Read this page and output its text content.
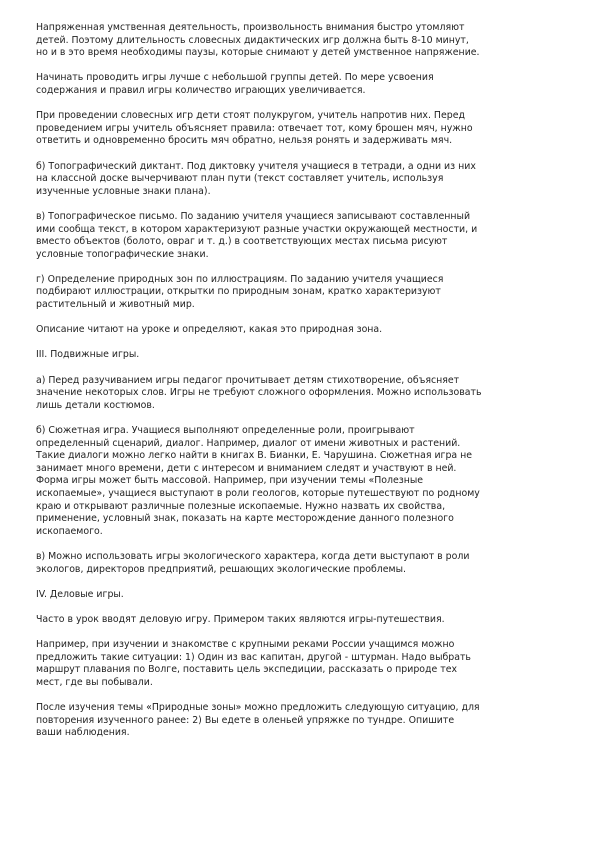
Напряженная умственная деятельность, произвольность внимания быстро утомляют
детей. Поэтому длительность словесных дидактических игр должна быть 8-10 минут,
но и в это время необходимы паузы, которые снимают у детей умственное напряжение.

Начинать проводить игры лучше с небольшой группы детей. По мере усвоения
содержания и правил игры количество играющих увеличивается.

При проведении словесных игр дети стоят полукругом, учитель напротив них. Перед
проведением игры учитель объясняет правила: отвечает тот, кому брошен мяч, нужно
ответить и одновременно бросить мяч обратно, нельзя ронять и задерживать мяч.

б) Топографический диктант. Под диктовку учителя учащиеся в тетради, а одни из них
на классной доске вычерчивают план пути (текст составляет учитель, используя
изученные условные знаки плана).

в) Топографическое письмо. По заданию учителя учащиеся записывают составленный
ими сообща текст, в котором характеризуют разные участки окружающей местности, и
вместо объектов (болото, овраг и т. д.) в соответствующих местах письма рисуют
условные топографические знаки.

г) Определение природных зон по иллюстрациям. По заданию учителя учащиеся
подбирают иллюстрации, открытки по природным зонам, кратко характеризуют
растительный и животный мир.

Описание читают на уроке и определяют, какая это природная зона.

III. Подвижные игры.

а) Перед разучиванием игры педагог прочитывает детям стихотворение, объясняет
значение некоторых слов. Игры не требуют сложного оформления. Можно использовать
лишь детали костюмов.

б) Сюжетная игра. Учащиеся выполняют определенные роли, проигрывают
определенный сценарий, диалог. Например, диалог от имени животных и растений.
Такие диалоги можно легко найти в книгах В. Бианки, Е. Чарушина. Сюжетная игра не
занимает много времени, дети с интересом и вниманием следят и участвуют в ней.
Форма игры может быть массовой. Например, при изучении темы «Полезные
ископаемые», учащиеся выступают в роли геологов, которые путешествуют по родному
краю и открывают различные полезные ископаемые. Нужно назвать их свойства,
применение, условный знак, показать на карте месторождение данного полезного
ископаемого.

в) Можно использовать игры экологического характера, когда дети выступают в роли
экологов, директоров предприятий, решающих экологические проблемы.

IV. Деловые игры.

Часто в урок вводят деловую игру. Примером таких являются игры-путешествия.

Например, при изучении и знакомстве с крупными реками России учащимся можно
предложить такие ситуации: 1) Один из вас капитан, другой - штурман. Надо выбрать
маршрут плавания по Волге, поставить цель экспедиции, рассказать о природе тех
мест, где вы побывали.

После изучения темы «Природные зоны» можно предложить следующую ситуацию, для
повторения изученного ранее: 2) Вы едете в оленьей упряжке по тундре. Опишите
ваши наблюдения.
